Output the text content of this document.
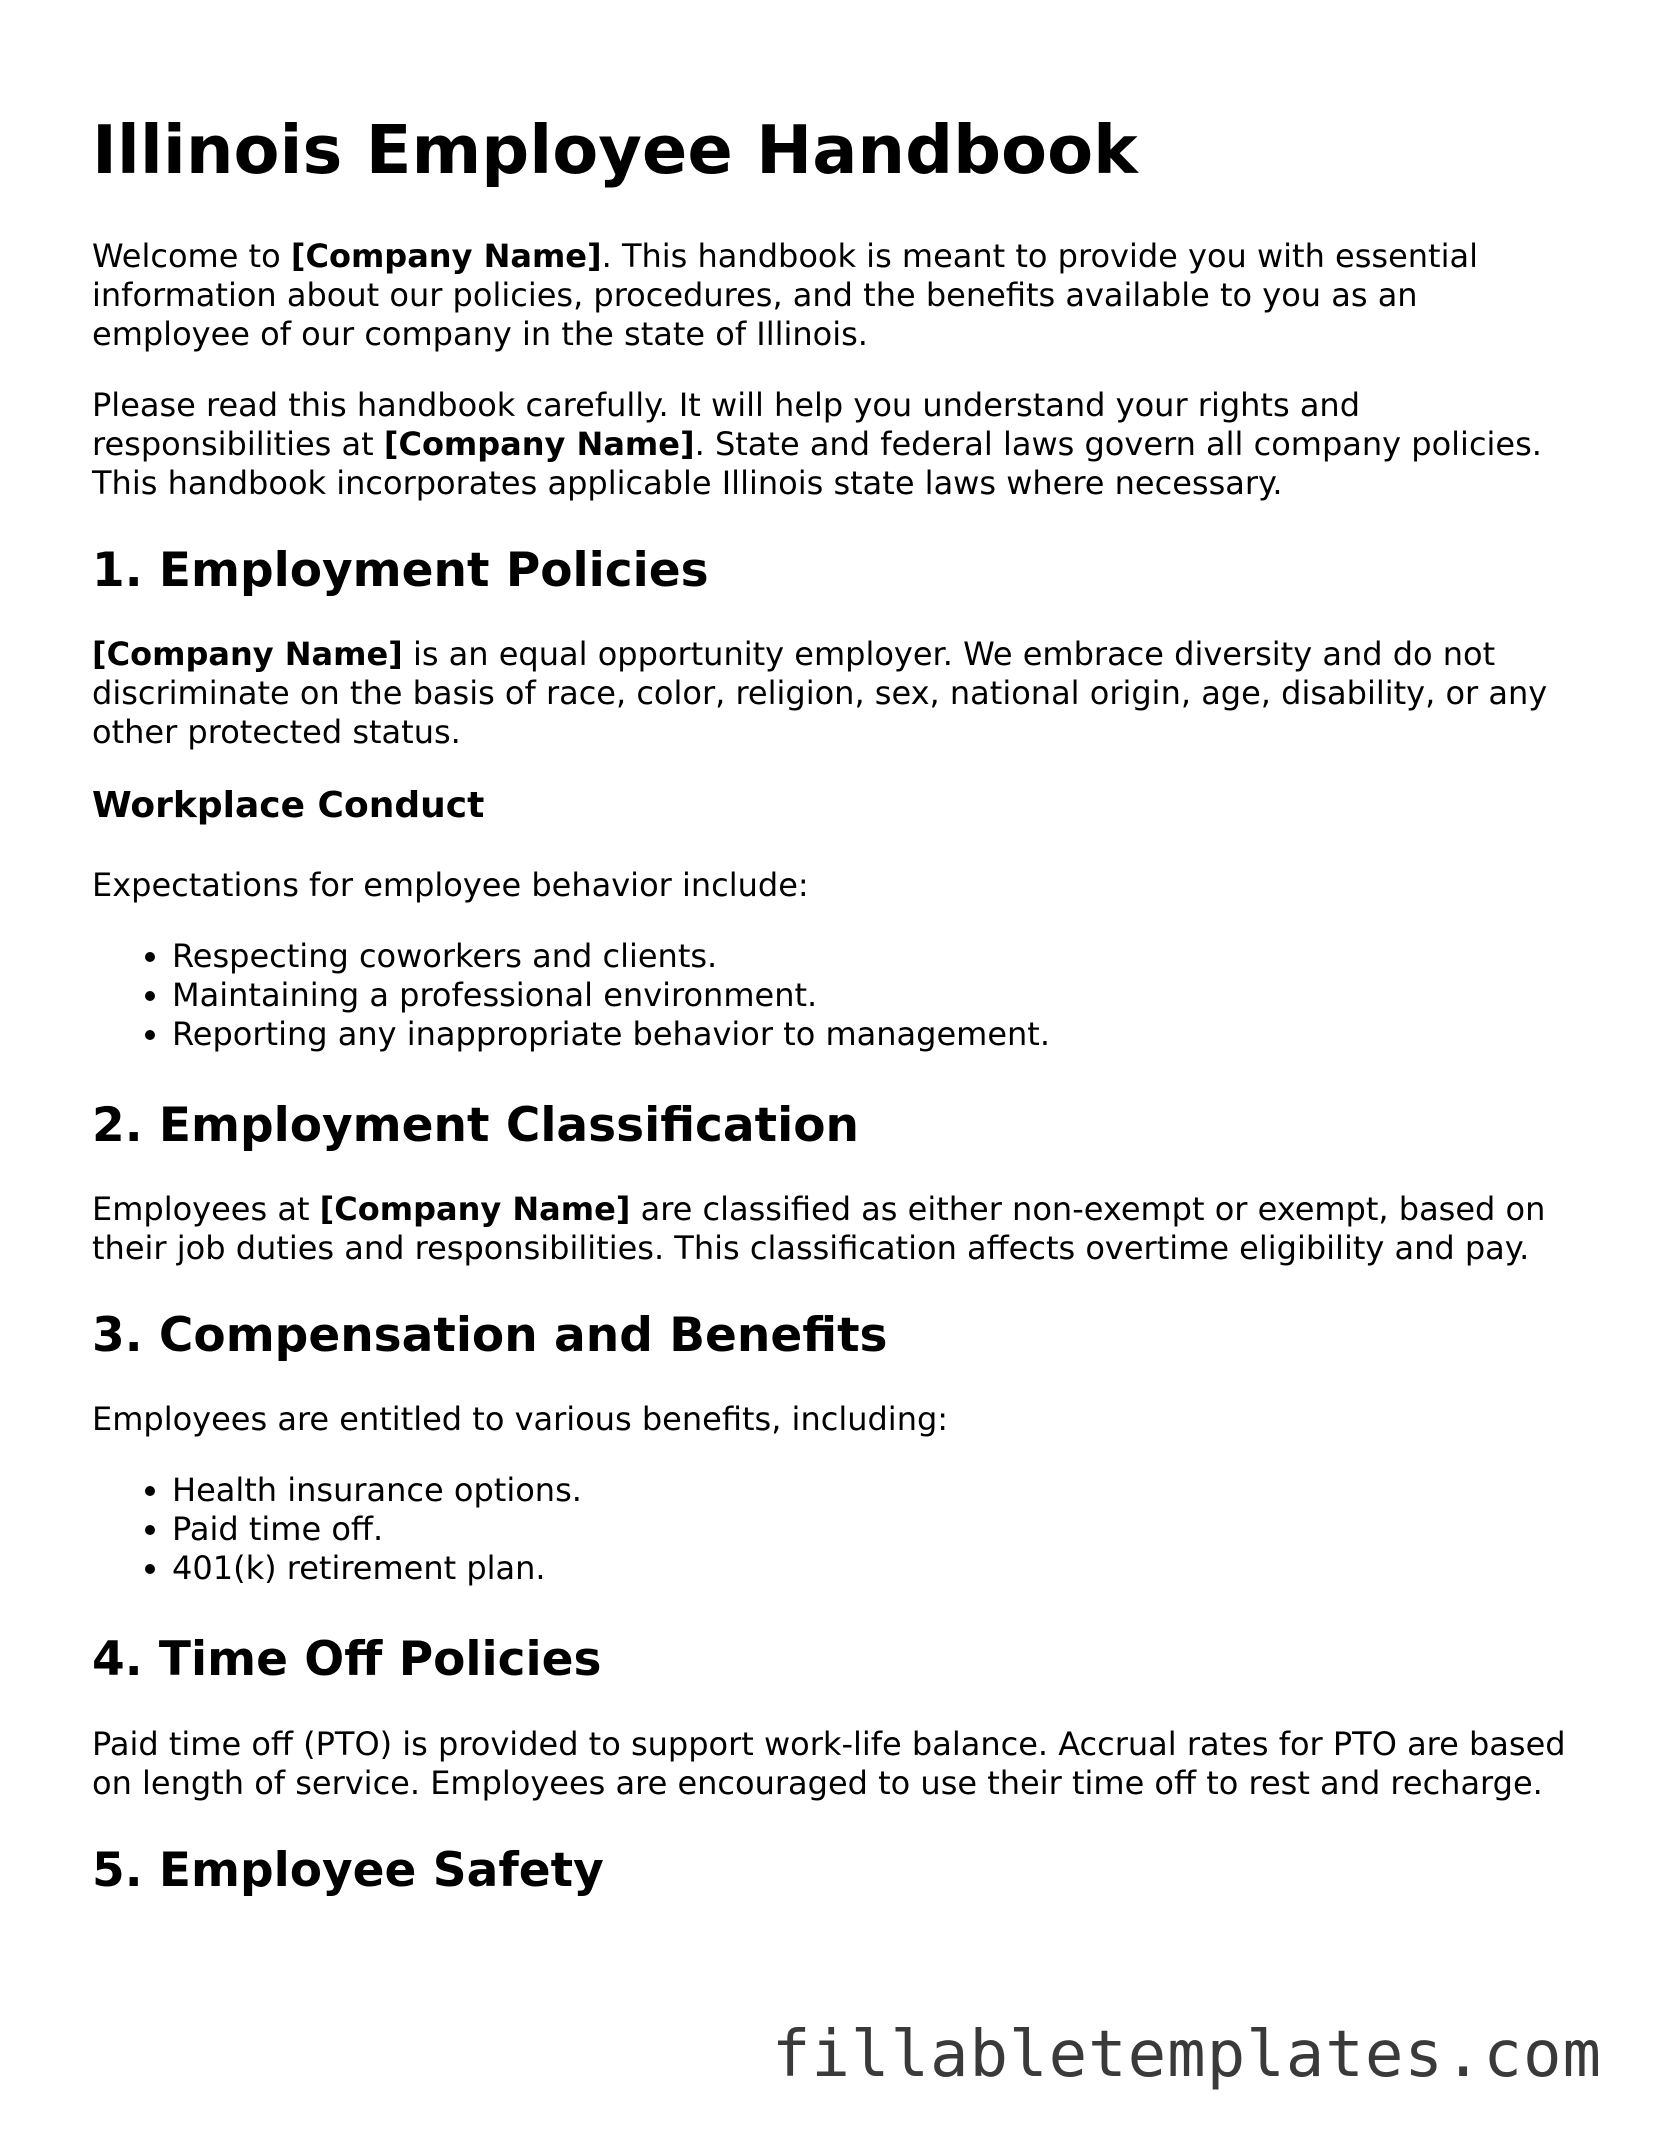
Illinois Employee Handbook

Welcome to [Company Name]. This handbook is meant to provide you with essential information about our policies, procedures, and the benefits available to you as an employee of our company in the state of Illinois.

Please read this handbook carefully. It will help you understand your rights and responsibilities at [Company Name]. State and federal laws govern all company policies. This handbook incorporates applicable Illinois state laws where necessary.

1. Employment Policies

[Company Name] is an equal opportunity employer. We embrace diversity and do not discriminate on the basis of race, color, religion, sex, national origin, age, disability, or any other protected status.

Workplace Conduct

Expectations for employee behavior include:

• Respecting coworkers and clients.
• Maintaining a professional environment.
• Reporting any inappropriate behavior to management.
2. Employment Classification

Employees at [Company Name] are classified as either non-exempt or exempt, based on their job duties and responsibilities. This classification affects overtime eligibility and pay.

3. Compensation and Benefits

Employees are entitled to various benefits, including:

• Health insurance options.
• Paid time off.
• 401(k) retirement plan.
4. Time Off Policies

Paid time off (PTO) is provided to support work-life balance. Accrual rates for PTO are based on length of service. Employees are encouraged to use their time off to rest and recharge.

5. Employee Safety
fillabletemplates.com
